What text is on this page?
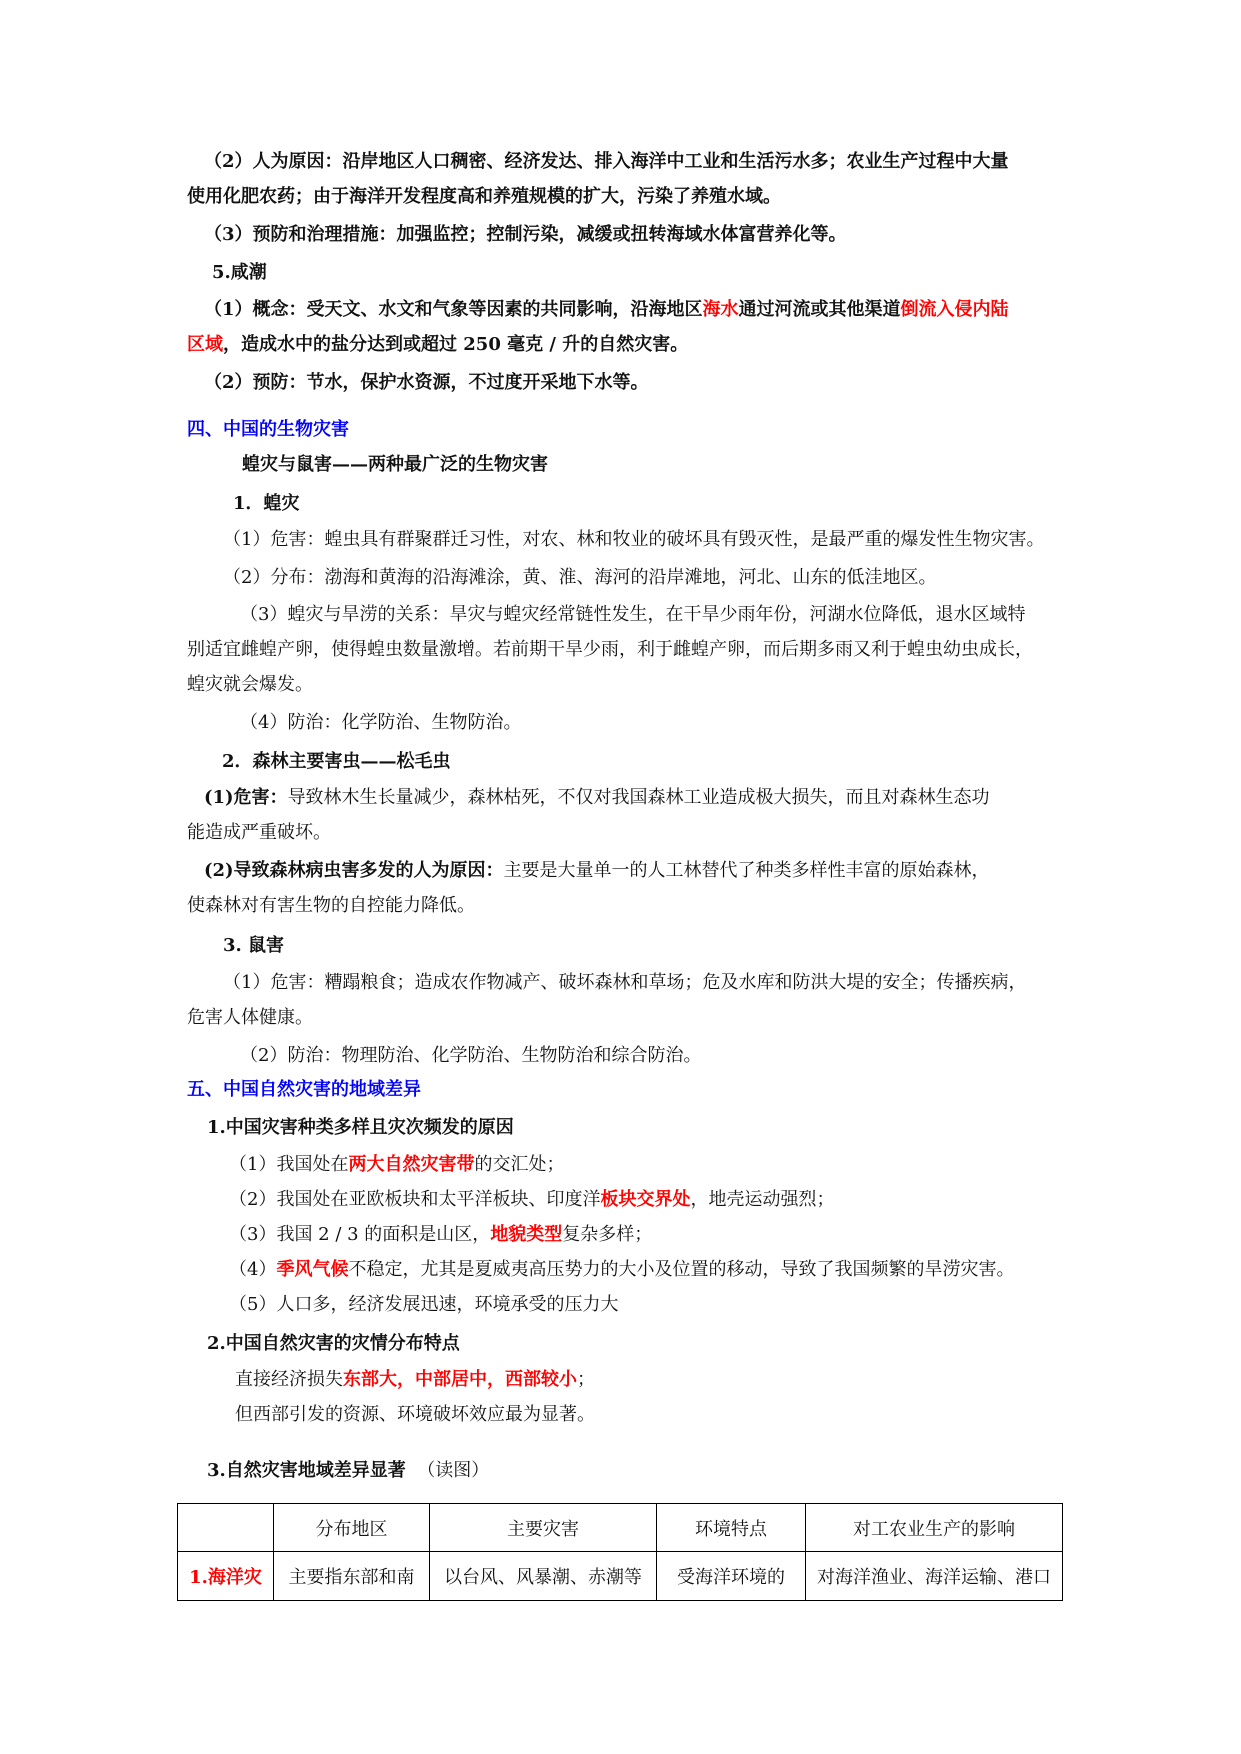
（2）人为原因：沿岸地区人口稠密、经济发达、排入海洋中工业和生活污水多；农业生产过程中大量
使用化肥农药；由于海洋开发程度高和养殖规模的扩大，污染了养殖水域。
（3）预防和治理措施：加强监控；控制污染，减缓或扭转海域水体富营养化等。
5.咸潮
（1）概念：受天文、水文和气象等因素的共同影响，沿海地区海水通过河流或其他渠道倒流入侵内陆
区域，造成水中的盐分达到或超过 250 毫克 / 升的自然灾害。
（2）预防：节水，保护水资源，不过度开采地下水等。
四、中国的生物灾害
蝗灾与鼠害——两种最广泛的生物灾害
1．蝗灾
（1）危害：蝗虫具有群聚群迁习性，对农、林和牧业的破坏具有毁灭性，是最严重的爆发性生物灾害。
（2）分布：渤海和黄海的沿海滩涂，黄、淮、海河的沿岸滩地，河北、山东的低洼地区。
（3）蝗灾与旱涝的关系：旱灾与蝗灾经常链性发生，在干旱少雨年份，河湖水位降低，退水区域特
别适宜雌蝗产卵，使得蝗虫数量激增。若前期干旱少雨，利于雌蝗产卵，而后期多雨又利于蝗虫幼虫成长，
蝗灾就会爆发。
（4）防治：化学防治、生物防治。
2．森林主要害虫——松毛虫
(1)危害：导致林木生长量减少，森林枯死，不仅对我国森林工业造成极大损失，而且对森林生态功
能造成严重破坏。
(2)导致森林病虫害多发的人为原因：主要是大量单一的人工林替代了种类多样性丰富的原始森林，
使森林对有害生物的自控能力降低。
3. 鼠害
（1）危害：糟蹋粮食；造成农作物减产、破坏森林和草场；危及水库和防洪大堤的安全；传播疾病，
危害人体健康。
（2）防治：物理防治、化学防治、生物防治和综合防治。
五、中国自然灾害的地域差异
1.中国灾害种类多样且灾次频发的原因
（1）我国处在两大自然灾害带的交汇处；
（2）我国处在亚欧板块和太平洋板块、印度洋板块交界处，地壳运动强烈；
（3）我国 2 / 3 的面积是山区，地貌类型复杂多样；
（4）季风气候不稳定，尤其是夏威夷高压势力的大小及位置的移动，导致了我国频繁的旱涝灾害。
（5）人口多，经济发展迅速，环境承受的压力大
2.中国自然灾害的灾情分布特点
直接经济损失东部大，中部居中，西部较小；
但西部引发的资源、环境破坏效应最为显著。
3.自然灾害地域差异显著 （读图）
	分布地区	主要灾害	环境特点	对工农业生产的影响
1.海洋灾	主要指东部和南	以台风、风暴潮、赤潮等	受海洋环境的	对海洋渔业、海洋运输、港口
